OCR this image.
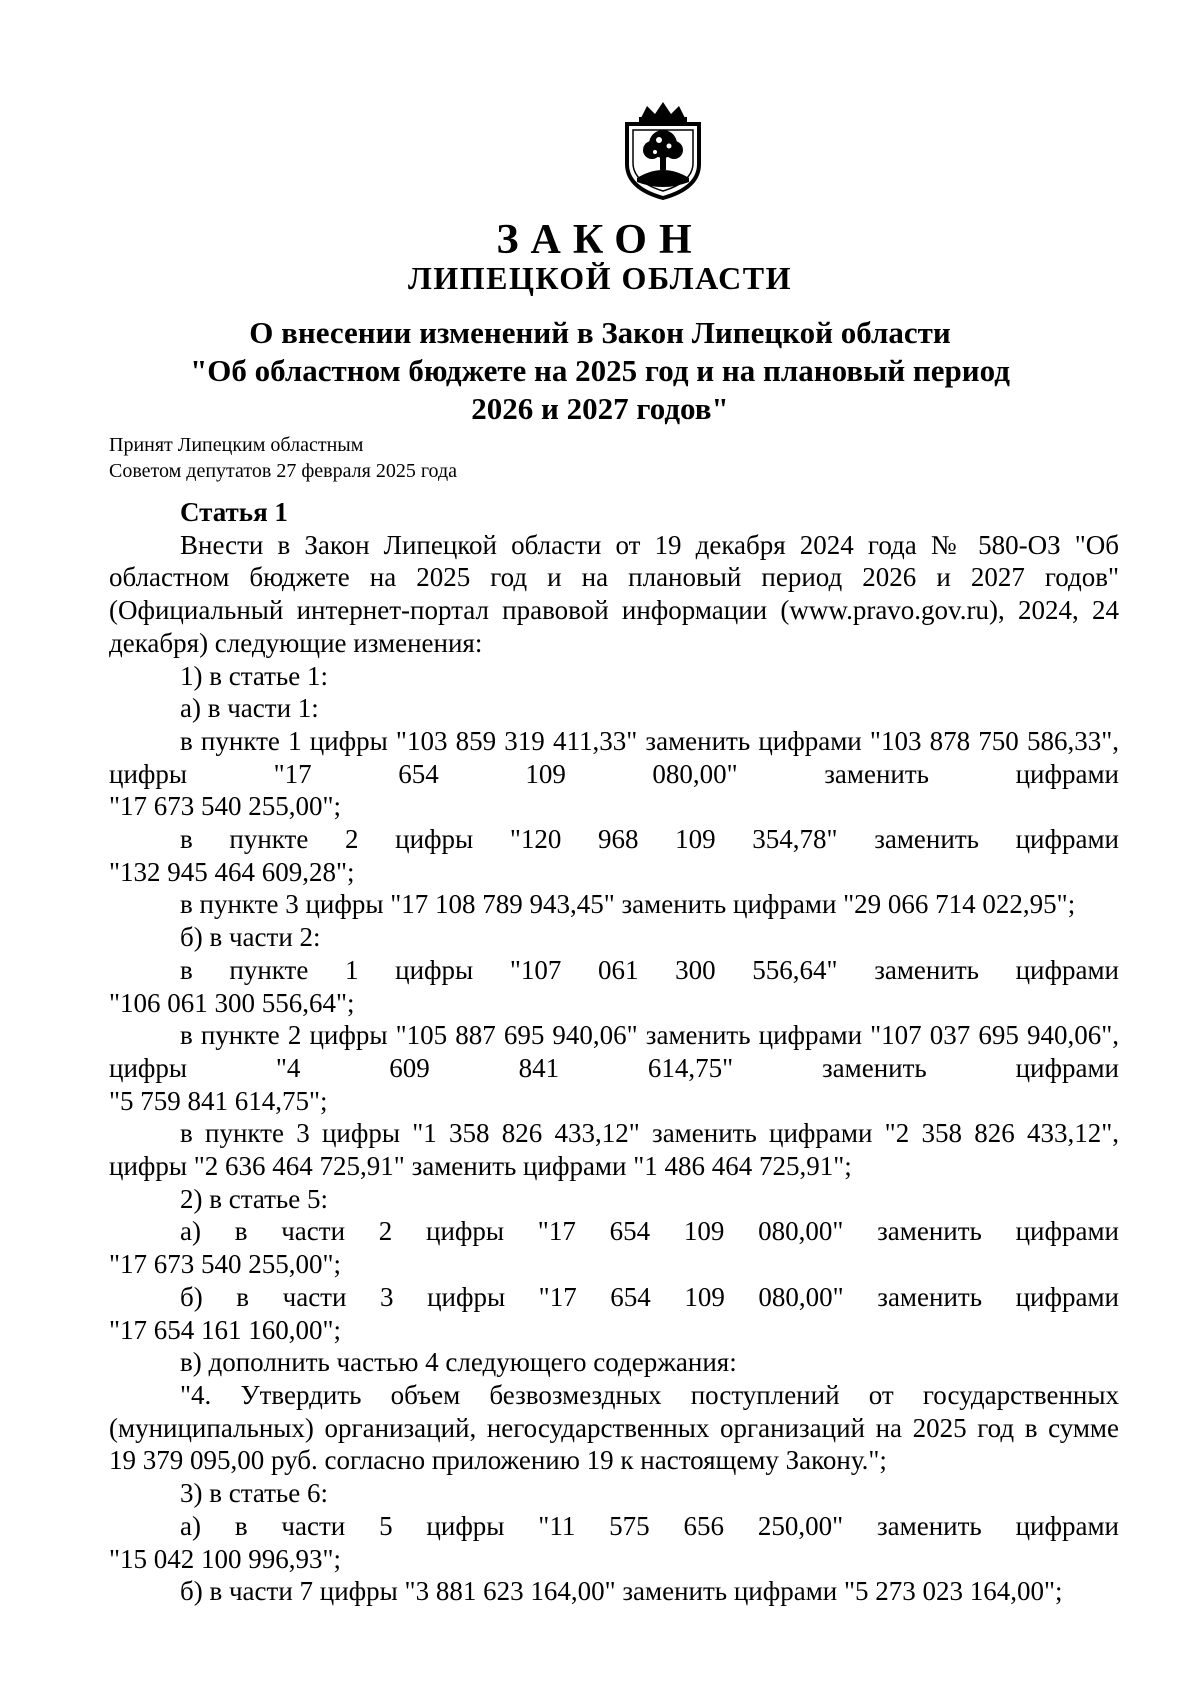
ЗАКОН
ЛИПЕЦКОЙ ОБЛАСТИ
О внесении изменений в Закон Липецкой области
"Об областном бюджете на 2025 год и на плановый период
2026 и 2027 годов"
Принят Липецким областным
Советом депутатов 27 февраля 2025 года

Статья 1

Внести в Закон Липецкой области от 19 декабря 2024 года № 580-ОЗ "Об областном бюджете на 2025 год и на плановый период 2026 и 2027 годов" (Официальный интернет-портал правовой информации (www.pravo.gov.ru), 2024, 24 декабря) следующие изменения:

1) в статье 1:

а) в части 1:

в пункте 1 цифры "103 859 319 411,33" заменить цифрами "103 878 750 586,33", цифры "17 654 109 080,00" заменить цифрами

"17 673 540 255,00";

в пункте 2 цифры "120 968 109 354,78" заменить цифрами

"132 945 464 609,28";

в пункте 3 цифры "17 108 789 943,45" заменить цифрами "29 066 714 022,95";

б) в части 2:

в пункте 1 цифры "107 061 300 556,64" заменить цифрами

"106 061 300 556,64";

в пункте 2 цифры "105 887 695 940,06" заменить цифрами "107 037 695 940,06", цифры "4 609 841 614,75" заменить цифрами

"5 759 841 614,75";

в пункте 3 цифры "1 358 826 433,12" заменить цифрами "2 358 826 433,12", цифры "2 636 464 725,91" заменить цифрами "1 486 464 725,91";

2) в статье 5:

а) в части 2 цифры "17 654 109 080,00" заменить цифрами

"17 673 540 255,00";

б) в части 3 цифры "17 654 109 080,00" заменить цифрами

"17 654 161 160,00";

в) дополнить частью 4 следующего содержания:

"4. Утвердить объем безвозмездных поступлений от государственных (муниципальных) организаций, негосударственных организаций на 2025 год в сумме 19 379 095,00 руб. согласно приложению 19 к настоящему Закону.";

3) в статье 6:

а) в части 5 цифры "11 575 656 250,00" заменить цифрами

"15 042 100 996,93";

б) в части 7 цифры "3 881 623 164,00" заменить цифрами "5 273 023 164,00";
